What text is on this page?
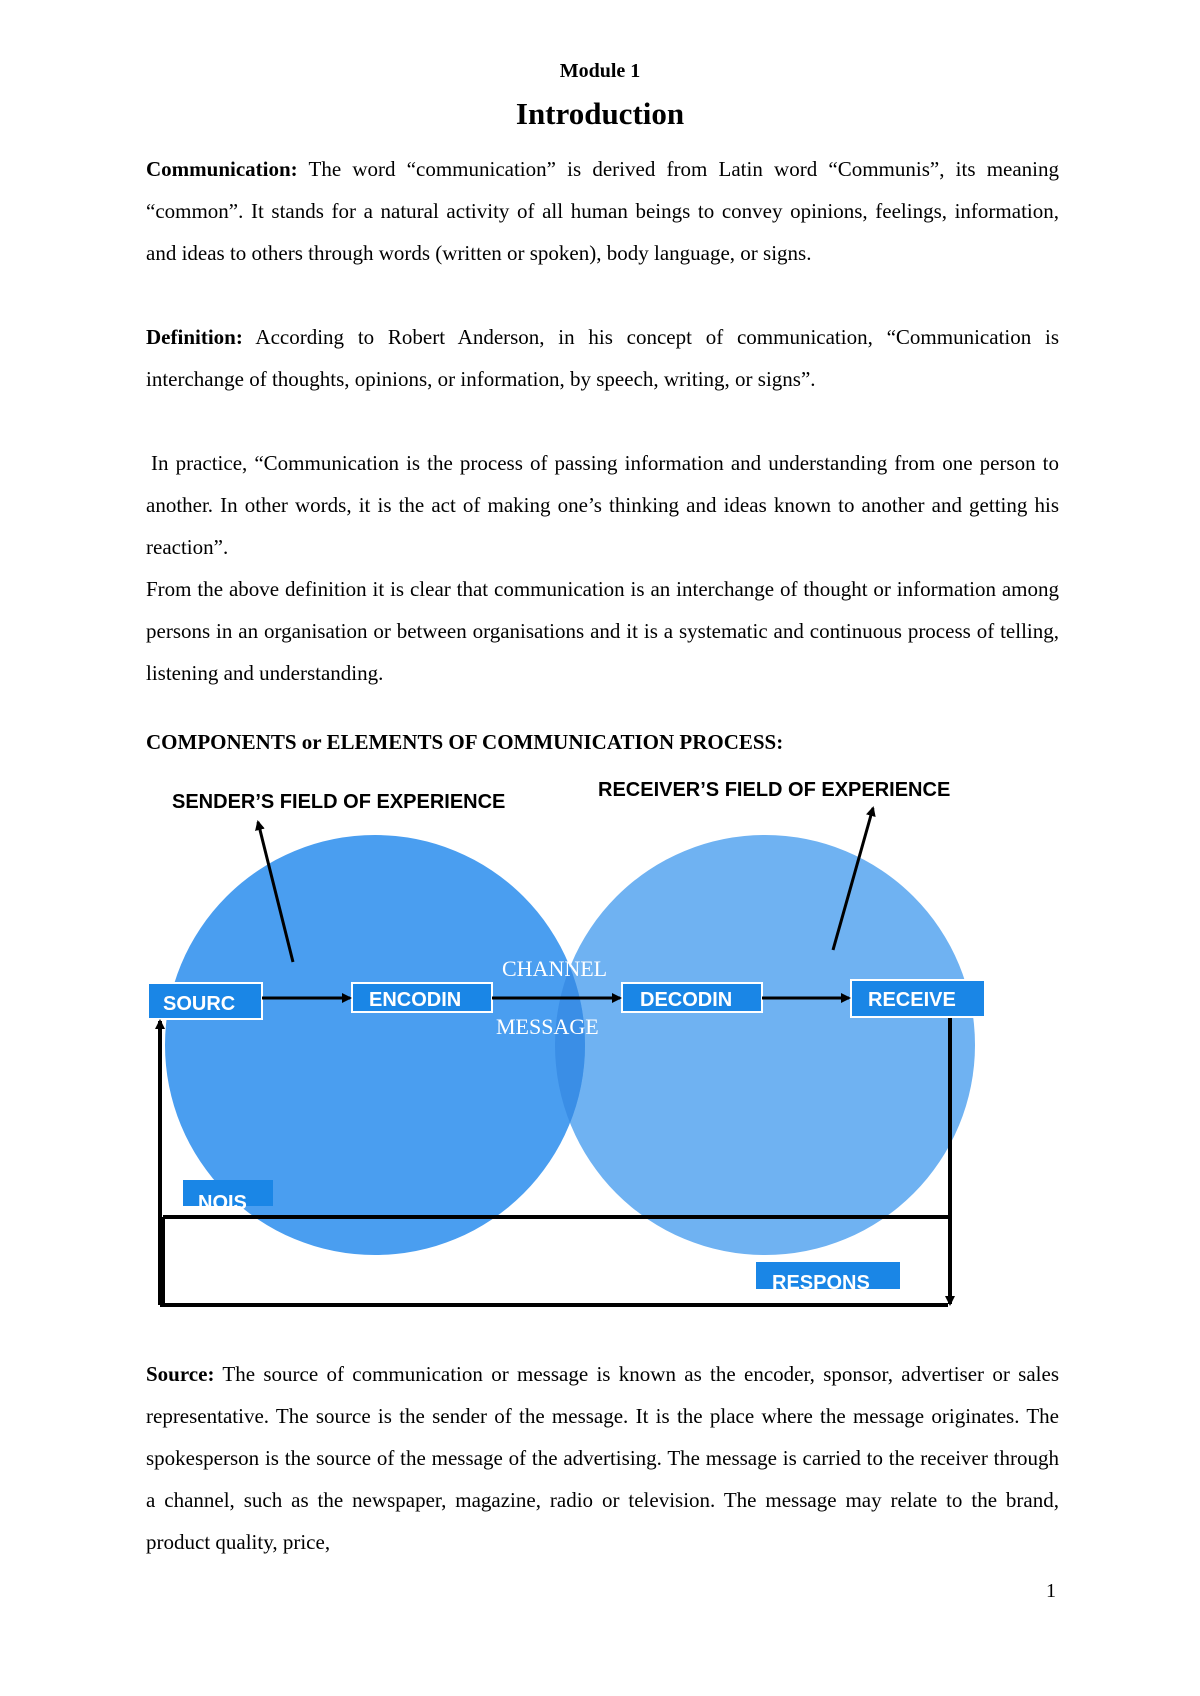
Module 1
Introduction

Communication: The word “communication” is derived from Latin word “Communis”, its meaning “common”. It stands for a natural activity of all human beings to convey opinions, feelings, information, and ideas to others through words (written or spoken), body language, or signs.

Definition: According to Robert Anderson, in his concept of communication, “Communication is interchange of thoughts, opinions, or information, by speech, writing, or signs”.

In practice, “Communication is the process of passing information and understanding from one person to another. In other words, it is the act of making one’s thinking and ideas known to another and getting his reaction”.

From the above definition it is clear that communication is an interchange of thought or information among persons in an organisation or between organisations and it is a systematic and continuous process of telling, listening and understanding.

COMPONENTS or ELEMENTS OF COMMUNICATION PROCESS:
SENDER’S FIELD OF EXPERIENCE
RECEIVER’S FIELD OF EXPERIENCE
SOURC	ENCODIN	DECODIN	RECEIVE
CHANNEL
MESSAGE
NOIS
RESPONS

Source: The source of communication or message is known as the encoder, sponsor, advertiser or sales representative. The source is the sender of the message. It is the place where the message originates. The spokesperson is the source of the message of the advertising. The message is carried to the receiver through a channel, such as the newspaper, magazine, radio or television. The message may relate to the brand, product quality, price,

1
